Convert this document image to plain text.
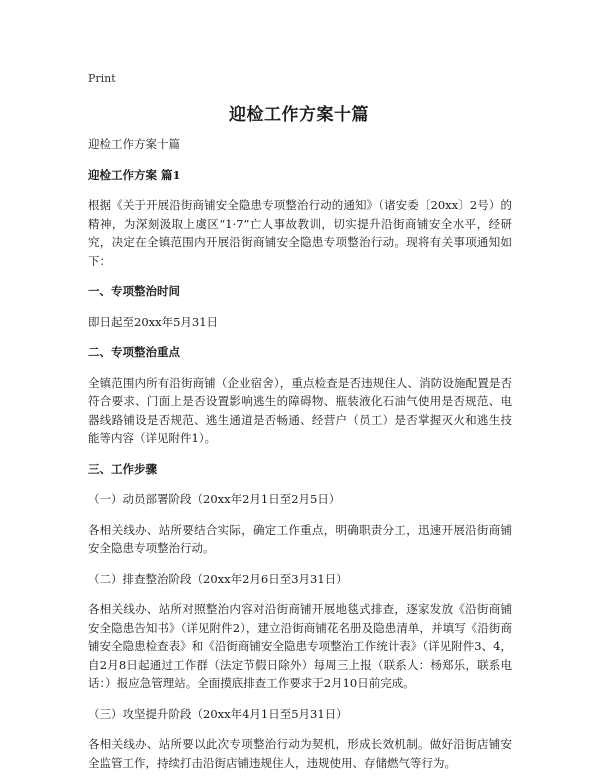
Print
迎检工作方案十篇

迎检工作方案十篇

迎检工作方案 篇1

根据《关于开展沿街商铺安全隐患专项整治行动的通知》（诸安委〔20xx〕2号）的精神，为深刻汲取上虞区“1·7”亡人事故教训，切实提升沿街商铺安全水平，经研究，决定在全镇范围内开展沿街商铺安全隐患专项整治行动。现将有关事项通知如下：

一、专项整治时间

即日起至20xx年5月31日

二、专项整治重点

全镇范围内所有沿街商铺（企业宿舍），重点检查是否违规住人、消防设施配置是否符合要求、门面上是否设置影响逃生的障碍物、瓶装液化石油气使用是否规范、电器线路铺设是否规范、逃生通道是否畅通、经营户（员工）是否掌握灭火和逃生技能等内容（详见附件1）。

三、工作步骤

（一）动员部署阶段（20xx年2月1日至2月5日）

各相关线办、站所要结合实际，确定工作重点，明确职责分工，迅速开展沿街商铺安全隐患专项整治行动。

（二）排查整治阶段（20xx年2月6日至3月31日）

各相关线办、站所对照整治内容对沿街商铺开展地毯式排查，逐家发放《沿街商铺安全隐患告知书》（详见附件2），建立沿街商铺花名册及隐患清单，并填写《沿街商铺安全隐患检查表》和《沿街商铺安全隐患专项整治工作统计表》（详见附件3、4，自2月8日起通过工作群（法定节假日除外）每周三上报（联系人：杨郑乐，联系电话：）报应急管理站。全面摸底排查工作要求于2月10日前完成。

（三）攻坚提升阶段（20xx年4月1日至5月31日）

各相关线办、站所要以此次专项整治行动为契机，形成长效机制。做好沿街店铺安全监管工作，持续打击沿街店铺违规住人，违规使用、存储燃气等行为。
